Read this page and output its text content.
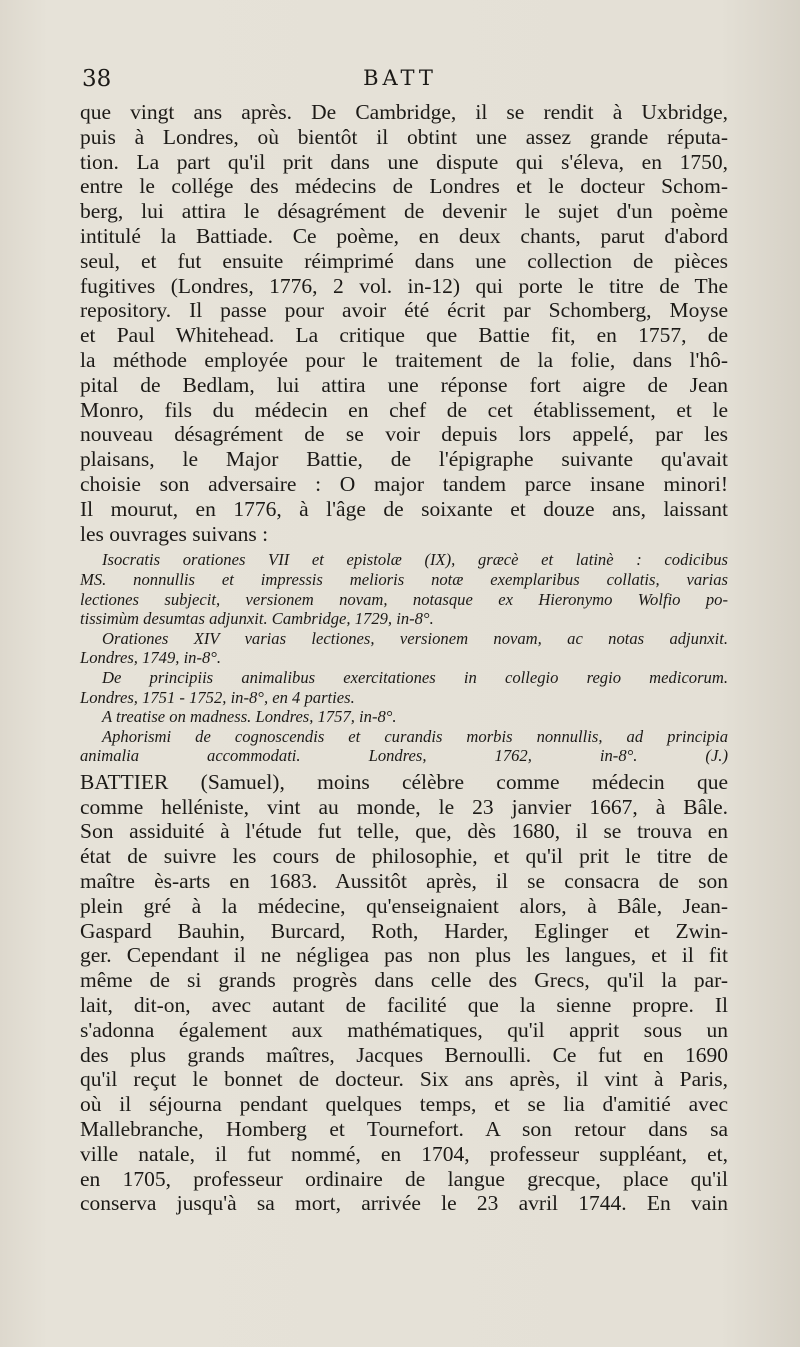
38	BATT
que vingt ans après. De Cambridge, il se rendit à Uxbridge,
puis à Londres, où bientôt il obtint une assez grande réputa-
tion. La part qu'il prit dans une dispute qui s'éleva, en 1750,
entre le collége des médecins de Londres et le docteur Schom-
berg, lui attira le désagrément de devenir le sujet d'un poème
intitulé la Battiade. Ce poème, en deux chants, parut d'abord
seul, et fut ensuite réimprimé dans une collection de pièces
fugitives (Londres, 1776, 2 vol. in-12) qui porte le titre de The
repository. Il passe pour avoir été écrit par Schomberg, Moyse
et Paul Whitehead. La critique que Battie fit, en 1757, de
la méthode employée pour le traitement de la folie, dans l'hô-
pital de Bedlam, lui attira une réponse fort aigre de Jean
Monro, fils du médecin en chef de cet établissement, et le
nouveau désagrément de se voir depuis lors appelé, par les
plaisans, le Major Battie, de l'épigraphe suivante qu'avait
choisie son adversaire : O major tandem parce insane minori!
Il mourut, en 1776, à l'âge de soixante et douze ans, laissant
les ouvrages suivans :
Isocratis orationes VII et epistolæ (IX), græcè et latinè : codicibus
MS. nonnullis et impressis melioris notæ exemplaribus collatis, varias
lectiones subjecit, versionem novam, notasque ex Hieronymo Wolfio po-
tissimùm desumtas adjunxit. Cambridge, 1729, in-8°.
Orationes XIV varias lectiones, versionem novam, ac notas adjunxit.
Londres, 1749, in-8°.
De principiis animalibus exercitationes in collegio regio medicorum.
Londres, 1751 - 1752, in-8°, en 4 parties.
A treatise on madness. Londres, 1757, in-8°.
Aphorismi de cognoscendis et curandis morbis nonnullis, ad principia
animalia accommodati. Londres, 1762, in-8°. (J.)
BATTIER (Samuel), moins célèbre comme médecin que
comme helléniste, vint au monde, le 23 janvier 1667, à Bâle.
Son assiduité à l'étude fut telle, que, dès 1680, il se trouva en
état de suivre les cours de philosophie, et qu'il prit le titre de
maître ès-arts en 1683. Aussitôt après, il se consacra de son
plein gré à la médecine, qu'enseignaient alors, à Bâle, Jean-
Gaspard Bauhin, Burcard, Roth, Harder, Eglinger et Zwin-
ger. Cependant il ne négligea pas non plus les langues, et il fit
même de si grands progrès dans celle des Grecs, qu'il la par-
lait, dit-on, avec autant de facilité que la sienne propre. Il
s'adonna également aux mathématiques, qu'il apprit sous un
des plus grands maîtres, Jacques Bernoulli. Ce fut en 1690
qu'il reçut le bonnet de docteur. Six ans après, il vint à Paris,
où il séjourna pendant quelques temps, et se lia d'amitié avec
Mallebranche, Homberg et Tournefort. A son retour dans sa
ville natale, il fut nommé, en 1704, professeur suppléant, et,
en 1705, professeur ordinaire de langue grecque, place qu'il
conserva jusqu'à sa mort, arrivée le 23 avril 1744. En vain
